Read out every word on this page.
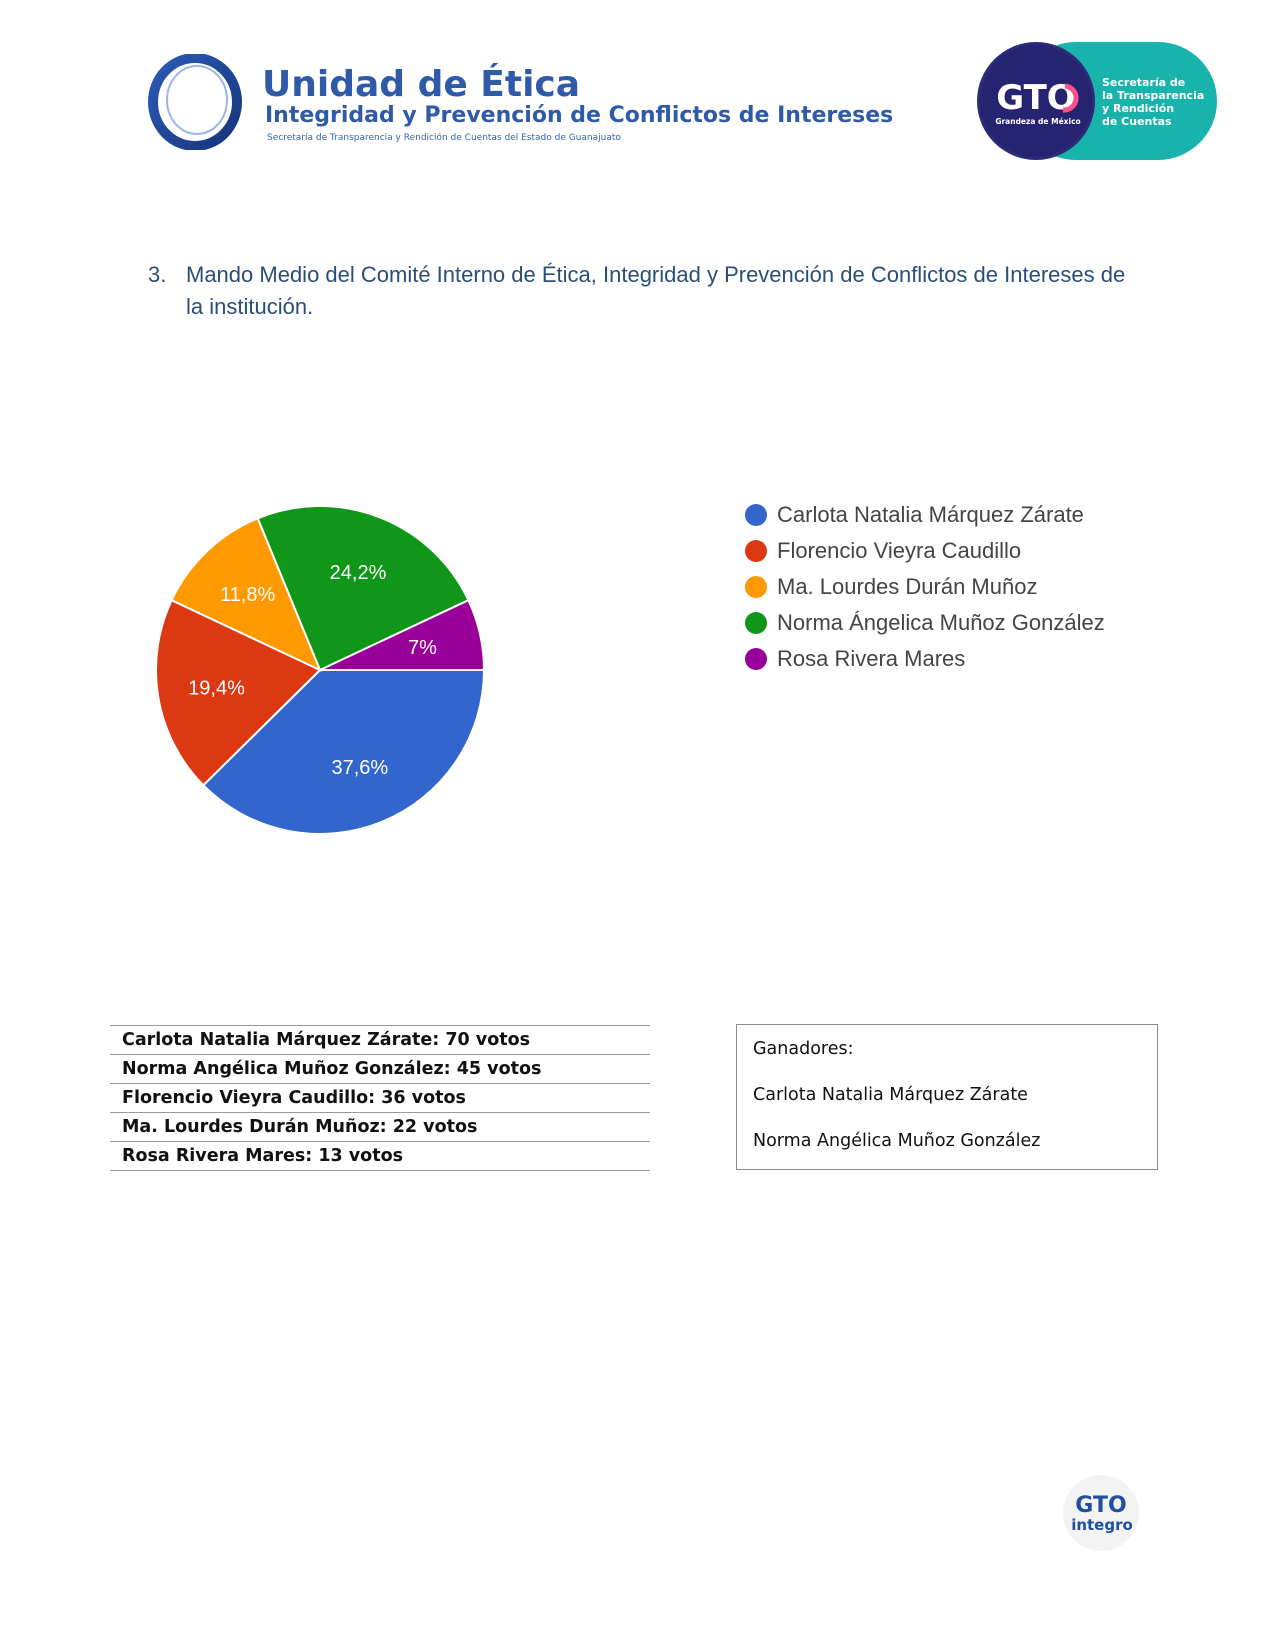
Unidad de Ética
Integridad y Prevención de Conflictos de Intereses
Secretaría de Transparencia y Rendición de Cuentas del Estado de Guanajuato
GTO
Grandeza de México
Secretaría de
la Transparencia
y Rendición
de Cuentas
3. Mando Medio del Comité Interno de Ética, Integridad y Prevención de Conflictos de Intereses de la institución.
37,6%
19,4%
11,8%
24,2%
7%
Carlota Natalia Márquez Zárate
Florencio Vieyra Caudillo
Ma. Lourdes Durán Muñoz
Norma Ángelica Muñoz González
Rosa Rivera Mares
Carlota Natalia Márquez Zárate: 70 votos
Norma Angélica Muñoz González: 45 votos
Florencio Vieyra Caudillo: 36 votos
Ma. Lourdes Durán Muñoz: 22 votos
Rosa Rivera Mares: 13 votos
Ganadores:
Carlota Natalia Márquez Zárate
Norma Angélica Muñoz González
GTO
integro
